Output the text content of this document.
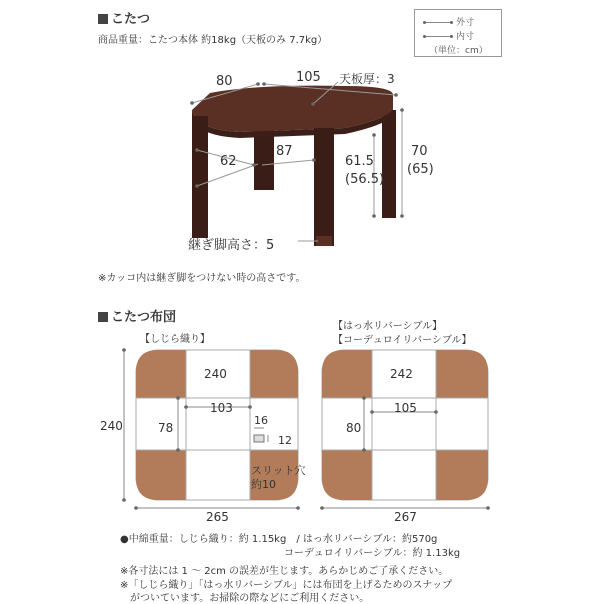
こたつ
商品重量：こたつ本体 約18kg（天板のみ 7.7kg）
外寸
内寸
（単位：cm）
80	105 天板厚：3
62
87
61.5
(56.5)
70
(65)
継ぎ脚高さ：5
※カッコ内は継ぎ脚をつけない時の高さです。
こたつ布団
【しじら織り】
【はっ水リバーシブル】
【コーデュロイリバーシブル】
240
240
103
78
16
12
スリット穴
約10
265
242
105
80
267
●中綿重量：しじら織り：約 1.15kg　/ はっ水リバーシブル：約570g
コーデュロイリバーシブル：約 1.13kg
※各寸法には 1 ～ 2cm の誤差が生じます。あらかじめご了承ください。
※「しじら織り」「はっ水リバーシブル」には布団を上げるためのスナップ
　がついています。お掃除の際などにご利用ください。
